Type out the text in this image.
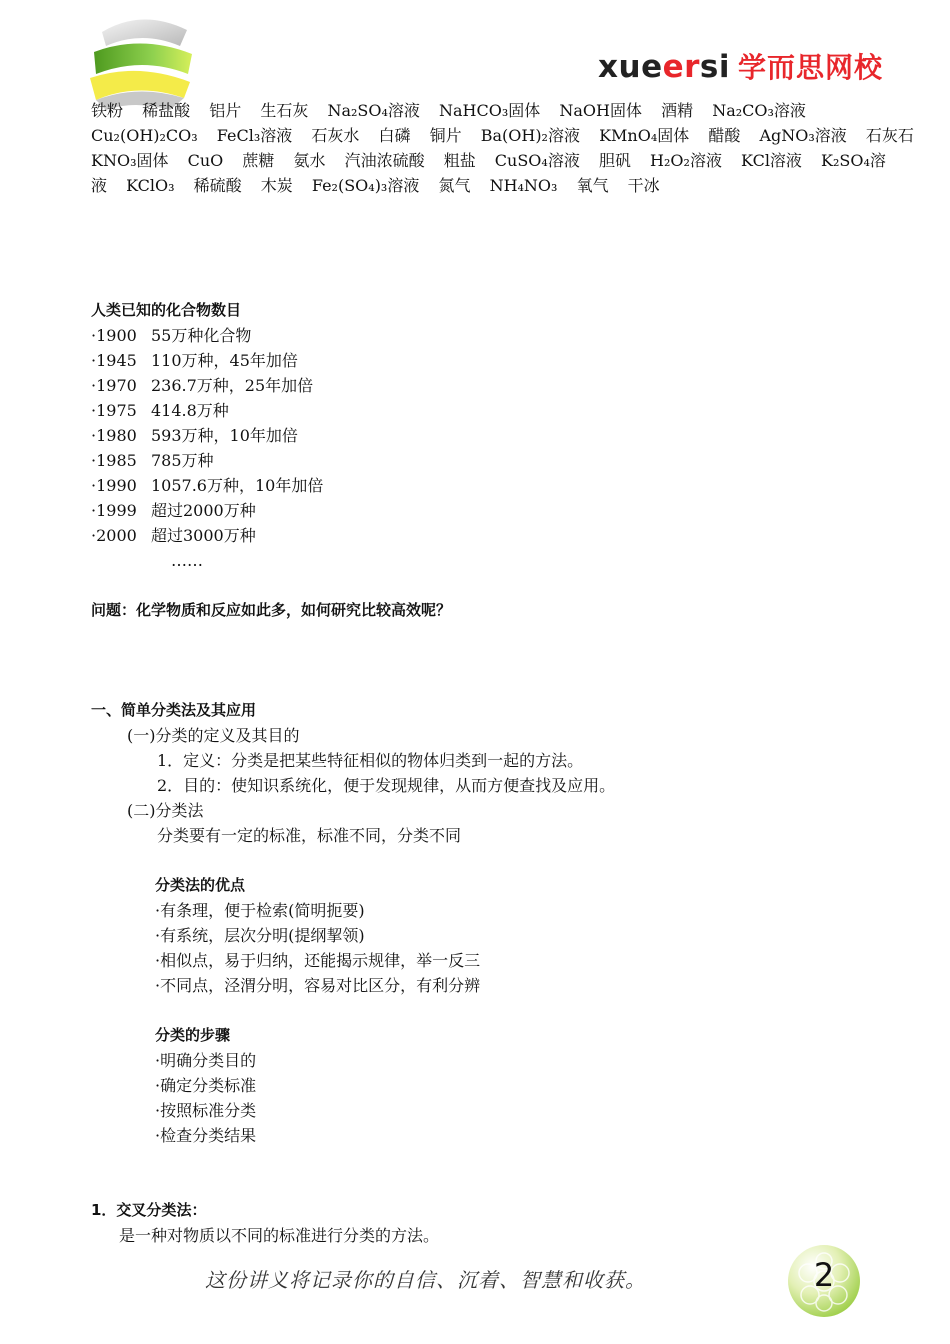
xueersi 学而思网校
铁粉 稀盐酸 铝片 生石灰 Na₂SO₄溶液 NaHCO₃固体 NaOH固体 酒精 Na₂CO₃溶液
Cu₂(OH)₂CO₃ FeCl₃溶液 石灰水 白磷 铜片 Ba(OH)₂溶液 KMnO₄固体 醋酸 AgNO₃溶液 石灰石
KNO₃固体 CuO 蔗糖 氨水 汽油浓硫酸 粗盐 CuSO₄溶液 胆矾 H₂O₂溶液 KCl溶液 K₂SO₄溶
液 KClO₃ 稀硫酸 木炭 Fe₂(SO₄)₃溶液 氮气 NH₄NO₃ 氧气 干冰
人类已知的化合物数目
·1900 55万种化合物
·1945 110万种，45年加倍
·1970 236.7万种，25年加倍
·1975 414.8万种
·1980 593万种，10年加倍
·1985 785万种
·1990 1057.6万种，10年加倍
·1999 超过2000万种
·2000 超过3000万种
……
问题：化学物质和反应如此多，如何研究比较高效呢？
一、简单分类法及其应用
(一)分类的定义及其目的
1．定义：分类是把某些特征相似的物体归类到一起的方法。
2．目的：使知识系统化，便于发现规律，从而方便查找及应用。
(二)分类法
分类要有一定的标准，标准不同，分类不同
分类法的优点
·有条理，便于检索(简明扼要)
·有系统，层次分明(提纲挈领)
·相似点，易于归纳，还能揭示规律，举一反三
·不同点，泾渭分明，容易对比区分，有利分辨
分类的步骤
·明确分类目的
·确定分类标准
·按照标准分类
·检查分类结果
1．交叉分类法：
是一种对物质以不同的标准进行分类的方法。
这份讲义将记录你的自信、沉着、智慧和收获。	2
